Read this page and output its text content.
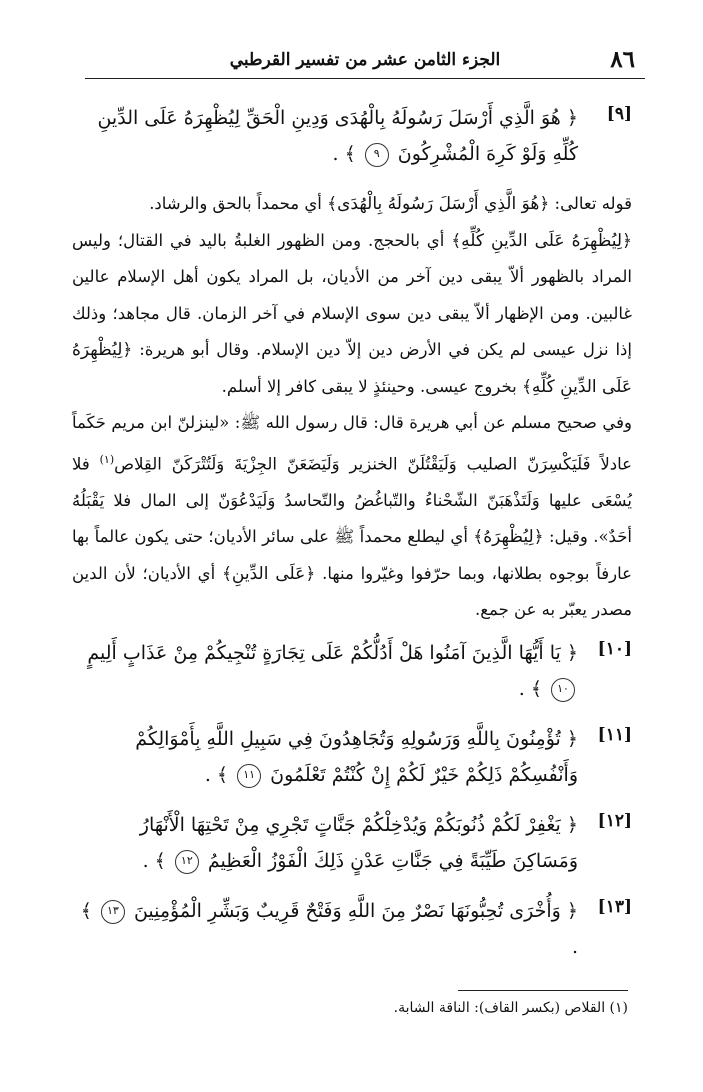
٨٦
الجزء الثامن عشر من تفسير القرطبي
[٩]
﴿ هُوَ الَّذِي أَرْسَلَ رَسُولَهُ بِالْهُدَى وَدِينِ الْحَقِّ لِيُظْهِرَهُ عَلَى الدِّينِ كُلِّهِ وَلَوْ كَرِهَ الْمُشْرِكُونَ ٩ ﴾ .

قوله تعالى: ﴿هُوَ الَّذِي أَرْسَلَ رَسُولَهُ بِالْهُدَى﴾ أي محمداً بالحق والرشاد.

﴿لِيُظْهِرَهُ عَلَى الدِّينِ كُلِّهِ﴾ أي بالحجج. ومن الظهور الغلبةُ باليد في القتال؛ وليس المراد بالظهور ألاّ يبقى دين آخر من الأديان، بل المراد يكون أهل الإسلام عالين غالبين. ومن الإظهار ألاّ يبقى دين سوى الإسلام في آخر الزمان. قال مجاهد؛ وذلك إذا نزل عيسى لم يكن في الأرض دين إلاّ دين الإسلام. وقال أبو هريرة: ﴿لِيُظْهِرَهُ عَلَى الدِّينِ كُلِّهِ﴾ بخروج عيسى. وحينئذٍ لا يبقى كافر إلا أسلم.

وفي صحيح مسلم عن أبي هريرة قال: قال رسول الله ﷺ: «لينزلنّ ابن مريم حَكَماً عادلاً فَلَيَكْسِرَنّ الصليب وَلَيَقْتُلَنّ الخنزير وَلَيَضَعَنّ الجِزْيَةَ وَلَتُتْرَكَنّ القِلاص$^{(١)}$ فلا يُسْعَى عليها وَلَتَذْهَبَنّ الشّحْناءُ والتّباغُضُ والتّحاسدُ وَلَيَدْعُوَنّ إلى المال فلا يَقْبَلُهُ أحَدٌ». وقيل: ﴿لِيُظْهِرَهُ﴾ أي ليطلع محمداً ﷺ على سائر الأديان؛ حتى يكون عالماً بها عارفاً بوجوه بطلانها، وبما حرّفوا وغيّروا منها. ﴿عَلَى الدِّينِ﴾ أي الأديان؛ لأن الدين مصدر يعبّر به عن جمع.

[١٠]
﴿ يَا أَيُّهَا الَّذِينَ آمَنُوا هَلْ أَدُلُّكُمْ عَلَى تِجَارَةٍ تُنْجِيكُمْ مِنْ عَذَابٍ أَلِيمٍ ١٠ ﴾ .
[١١]
﴿ تُؤْمِنُونَ بِاللَّهِ وَرَسُولِهِ وَتُجَاهِدُونَ فِي سَبِيلِ اللَّهِ بِأَمْوَالِكُمْ وَأَنْفُسِكُمْ ذَلِكُمْ خَيْرٌ لَكُمْ إِنْ كُنْتُمْ تَعْلَمُونَ ١١ ﴾ .
[١٢]
﴿ يَغْفِرْ لَكُمْ ذُنُوبَكُمْ وَيُدْخِلْكُمْ جَنَّاتٍ تَجْرِي مِنْ تَحْتِهَا الْأَنْهَارُ وَمَسَاكِنَ طَيِّبَةً فِي جَنَّاتِ عَدْنٍ ذَلِكَ الْفَوْزُ الْعَظِيمُ ١٢ ﴾ .
[١٣]
﴿ وَأُخْرَى تُحِبُّونَهَا نَصْرٌ مِنَ اللَّهِ وَفَتْحٌ قَرِيبٌ وَبَشِّرِ الْمُؤْمِنِينَ ١٣ ﴾ .
(١) القلاص (بكسر القاف): الناقة الشابة.
